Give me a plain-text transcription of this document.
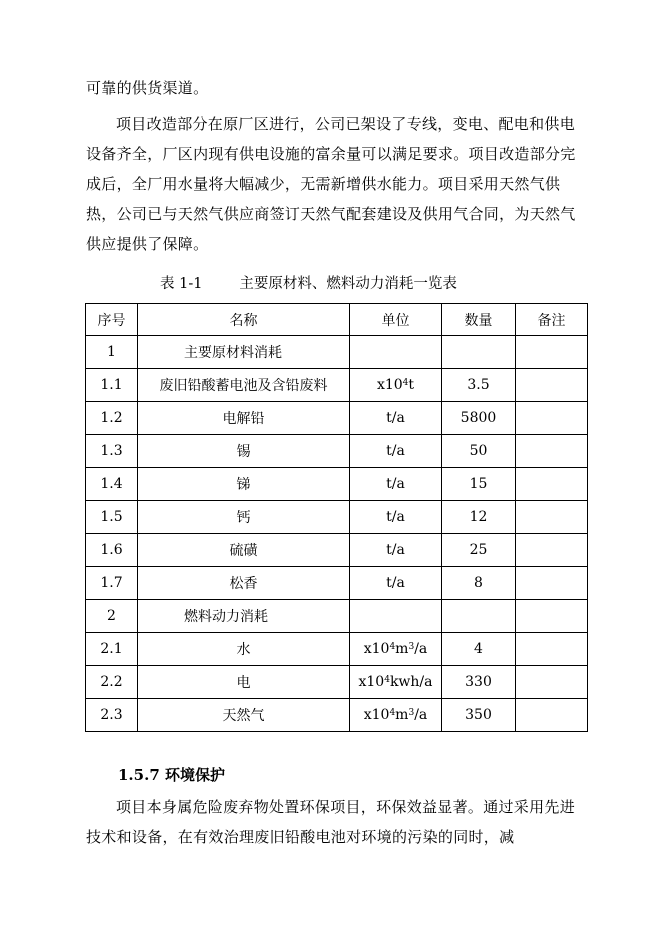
可靠的供货渠道。

项目改造部分在原厂区进行，公司已架设了专线，变电、配电和供电设备齐全，厂区内现有供电设施的富余量可以满足要求。项目改造部分完成后，全厂用水量将大幅减少，无需新增供水能力。项目采用天然气供热，公司已与天然气供应商签订天然气配套建设及供用气合同，为天然气供应提供了保障。

表 1-1        主要原材料、燃料动力消耗一览表
序号	名称	单位	数量	备注
1	主要原材料消耗			
1.1	废旧铅酸蓄电池及含铅废料	$x10^4t$	3.5	
1.2	电解铅	t/a	5800	
1.3	锡	t/a	50	
1.4	锑	t/a	15	
1.5	钙	t/a	12	
1.6	硫磺	t/a	25	
1.7	松香	t/a	8	
2	燃料动力消耗			
2.1	水	$x10^4m^3/a$	4	
2.2	电	$x10^4kwh/a$	330	
2.3	天然气	$x10^4m^3/a$	350	
1.5.7 环境保护

项目本身属危险废弃物处置环保项目，环保效益显著。通过采用先进技术和设备，在有效治理废旧铅酸电池对环境的污染的同时，减
